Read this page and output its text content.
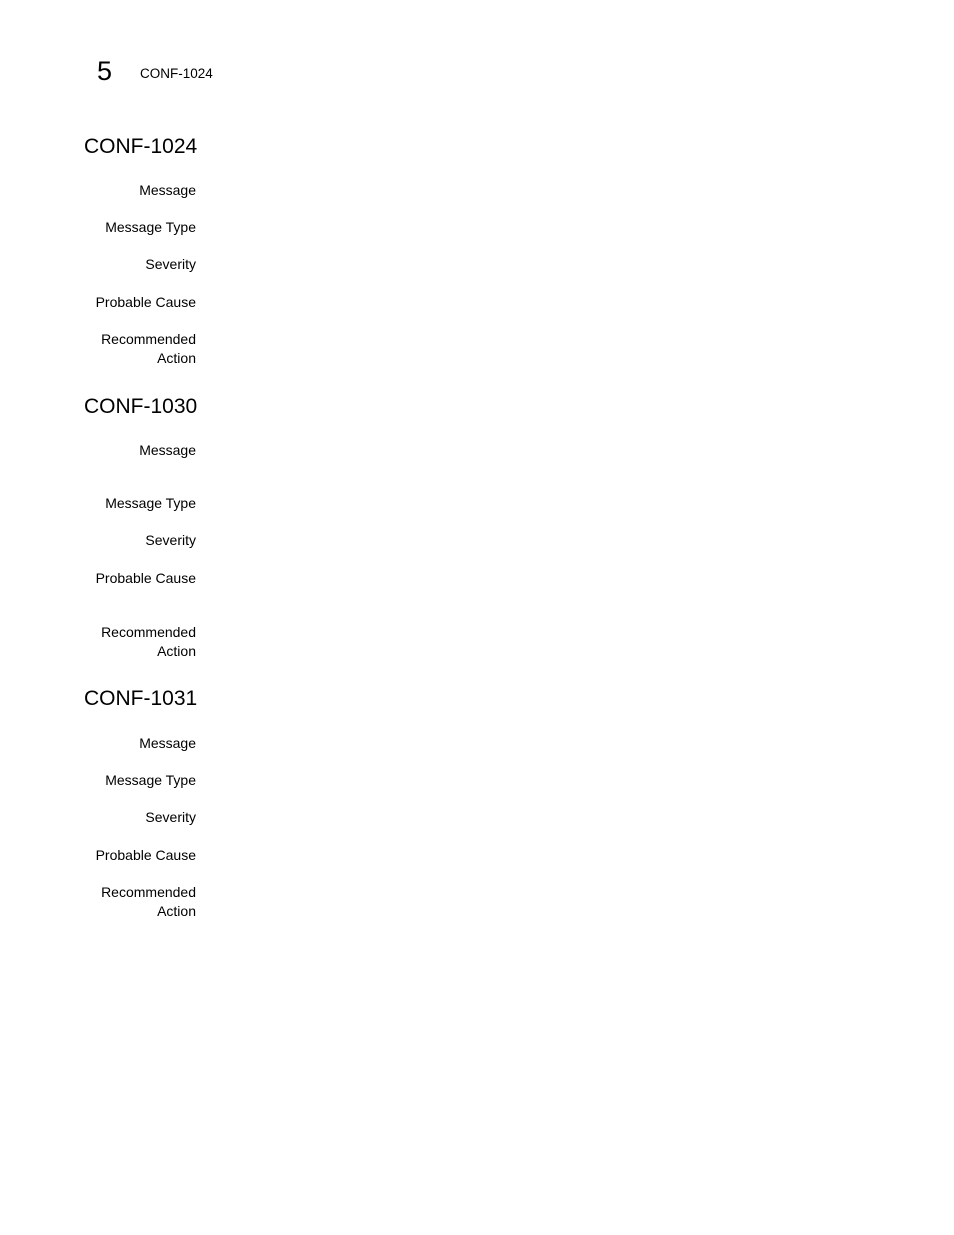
5 CONF-1024
CONF-1024
Message
Message Type
Severity
Probable Cause
Recommended
Action
CONF-1030
Message
Message Type
Severity
Probable Cause
Recommended
Action
CONF-1031
Message
Message Type
Severity
Probable Cause
Recommended
Action
